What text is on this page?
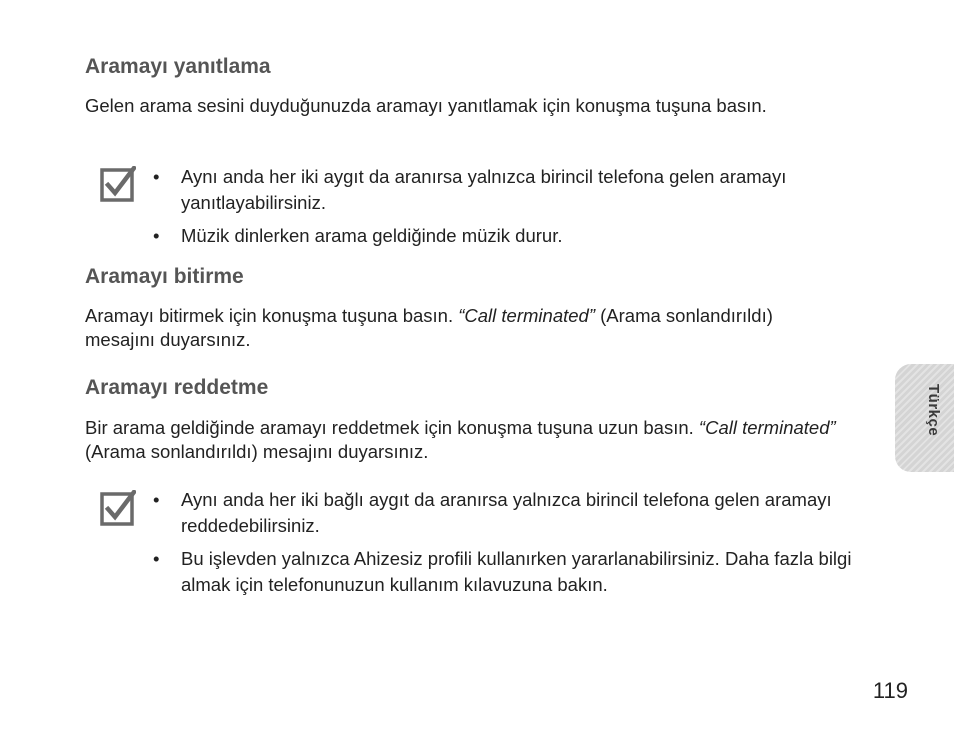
Aramayı yanıtlama
Gelen arama sesini duyduğunuzda aramayı yanıtlamak için konuşma tuşuna basın.
• Aynı anda her iki aygıt da aranırsa yalnızca birincil telefona gelen aramayı yanıtlayabilirsiniz.
• Müzik dinlerken arama geldiğinde müzik durur.
Aramayı bitirme
Aramayı bitirmek için konuşma tuşuna basın. “Call terminated” (Arama sonlandırıldı) mesajını duyarsınız.
Aramayı reddetme
Bir arama geldiğinde aramayı reddetmek için konuşma tuşuna uzun basın. “Call terminated” (Arama sonlandırıldı) mesajını duyarsınız.
• Aynı anda her iki bağlı aygıt da aranırsa yalnızca birincil telefona gelen aramayı reddedebilirsiniz.
• Bu işlevden yalnızca Ahizesiz profili kullanırken yararlanabilirsiniz. Daha fazla bilgi almak için telefonunuzun kullanım kılavuzuna bakın.
Türkçe
119
